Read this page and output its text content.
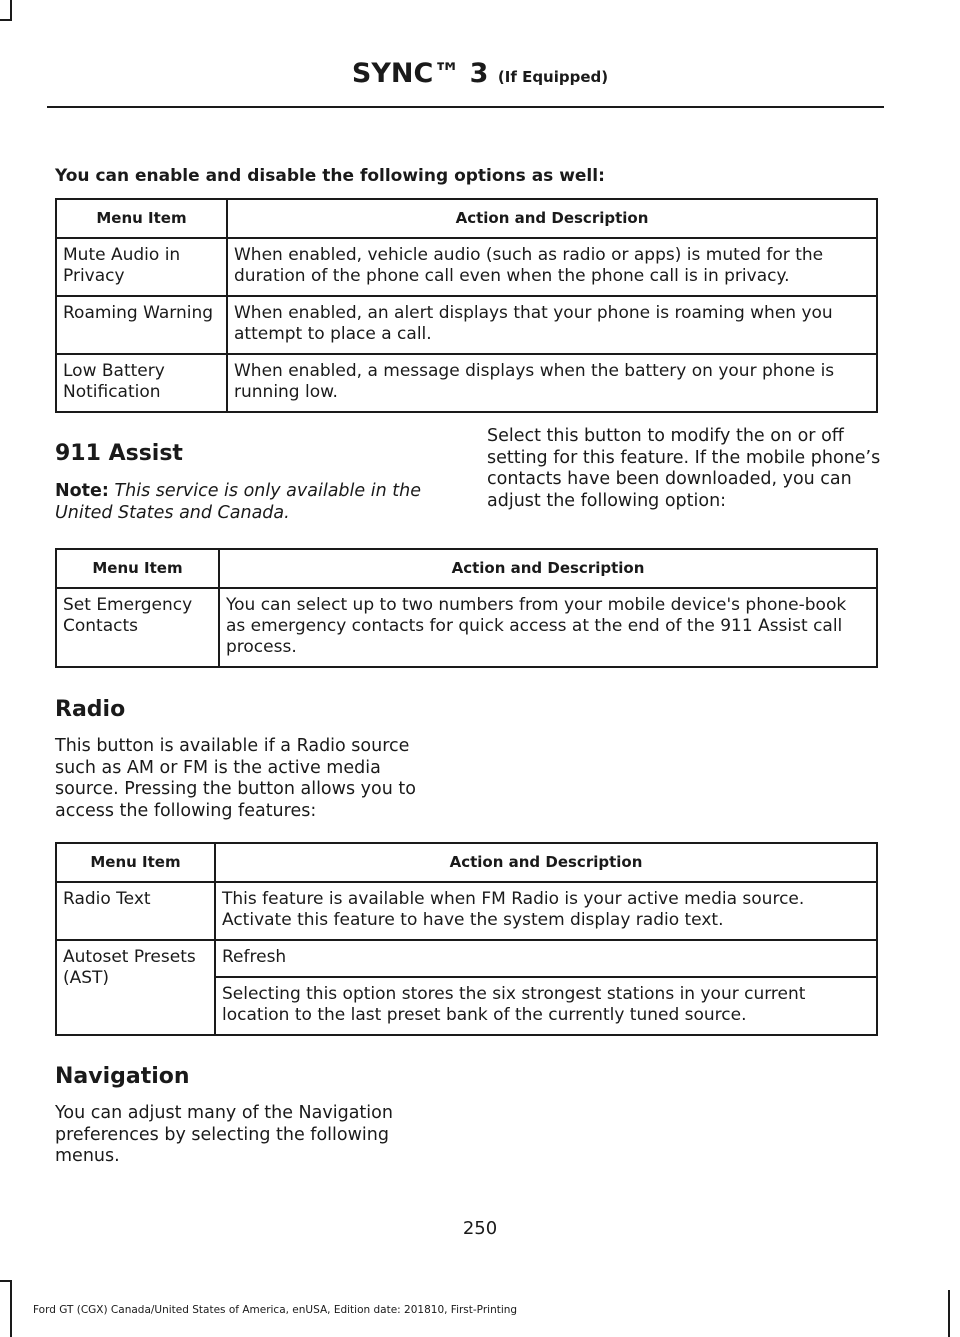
SYNC™ 3 (If Equipped)
You can enable and disable the following options as well:
Menu Item	Action and Description
Mute Audio in Privacy	When enabled, vehicle audio (such as radio or apps) is muted for the duration of the phone call even when the phone call is in privacy.
Roaming Warning	When enabled, an alert displays that your phone is roaming when you attempt to place a call.
Low Battery Notification	When enabled, a message displays when the battery on your phone is running low.
911 Assist
Note: This service is only available in the United States and Canada.
Select this button to modify the on or off setting for this feature. If the mobile phone’s contacts have been downloaded, you can adjust the following option:
Menu Item	Action and Description
Set Emergency Contacts	You can select up to two numbers from your mobile device's phone-book as emergency contacts for quick access at the end of the 911 Assist call process.
Radio
This button is available if a Radio source such as AM or FM is the active media source. Pressing the button allows you to access the following features:
Menu Item	Action and Description
Radio Text	This feature is available when FM Radio is your active media source. Activate this feature to have the system display radio text.
Autoset Presets (AST)	Refresh
	Selecting this option stores the six strongest stations in your current location to the last preset bank of the currently tuned source.
Navigation
You can adjust many of the Navigation preferences by selecting the following menus.
250
Ford GT (CGX) Canada/United States of America, enUSA, Edition date: 201810, First-Printing
